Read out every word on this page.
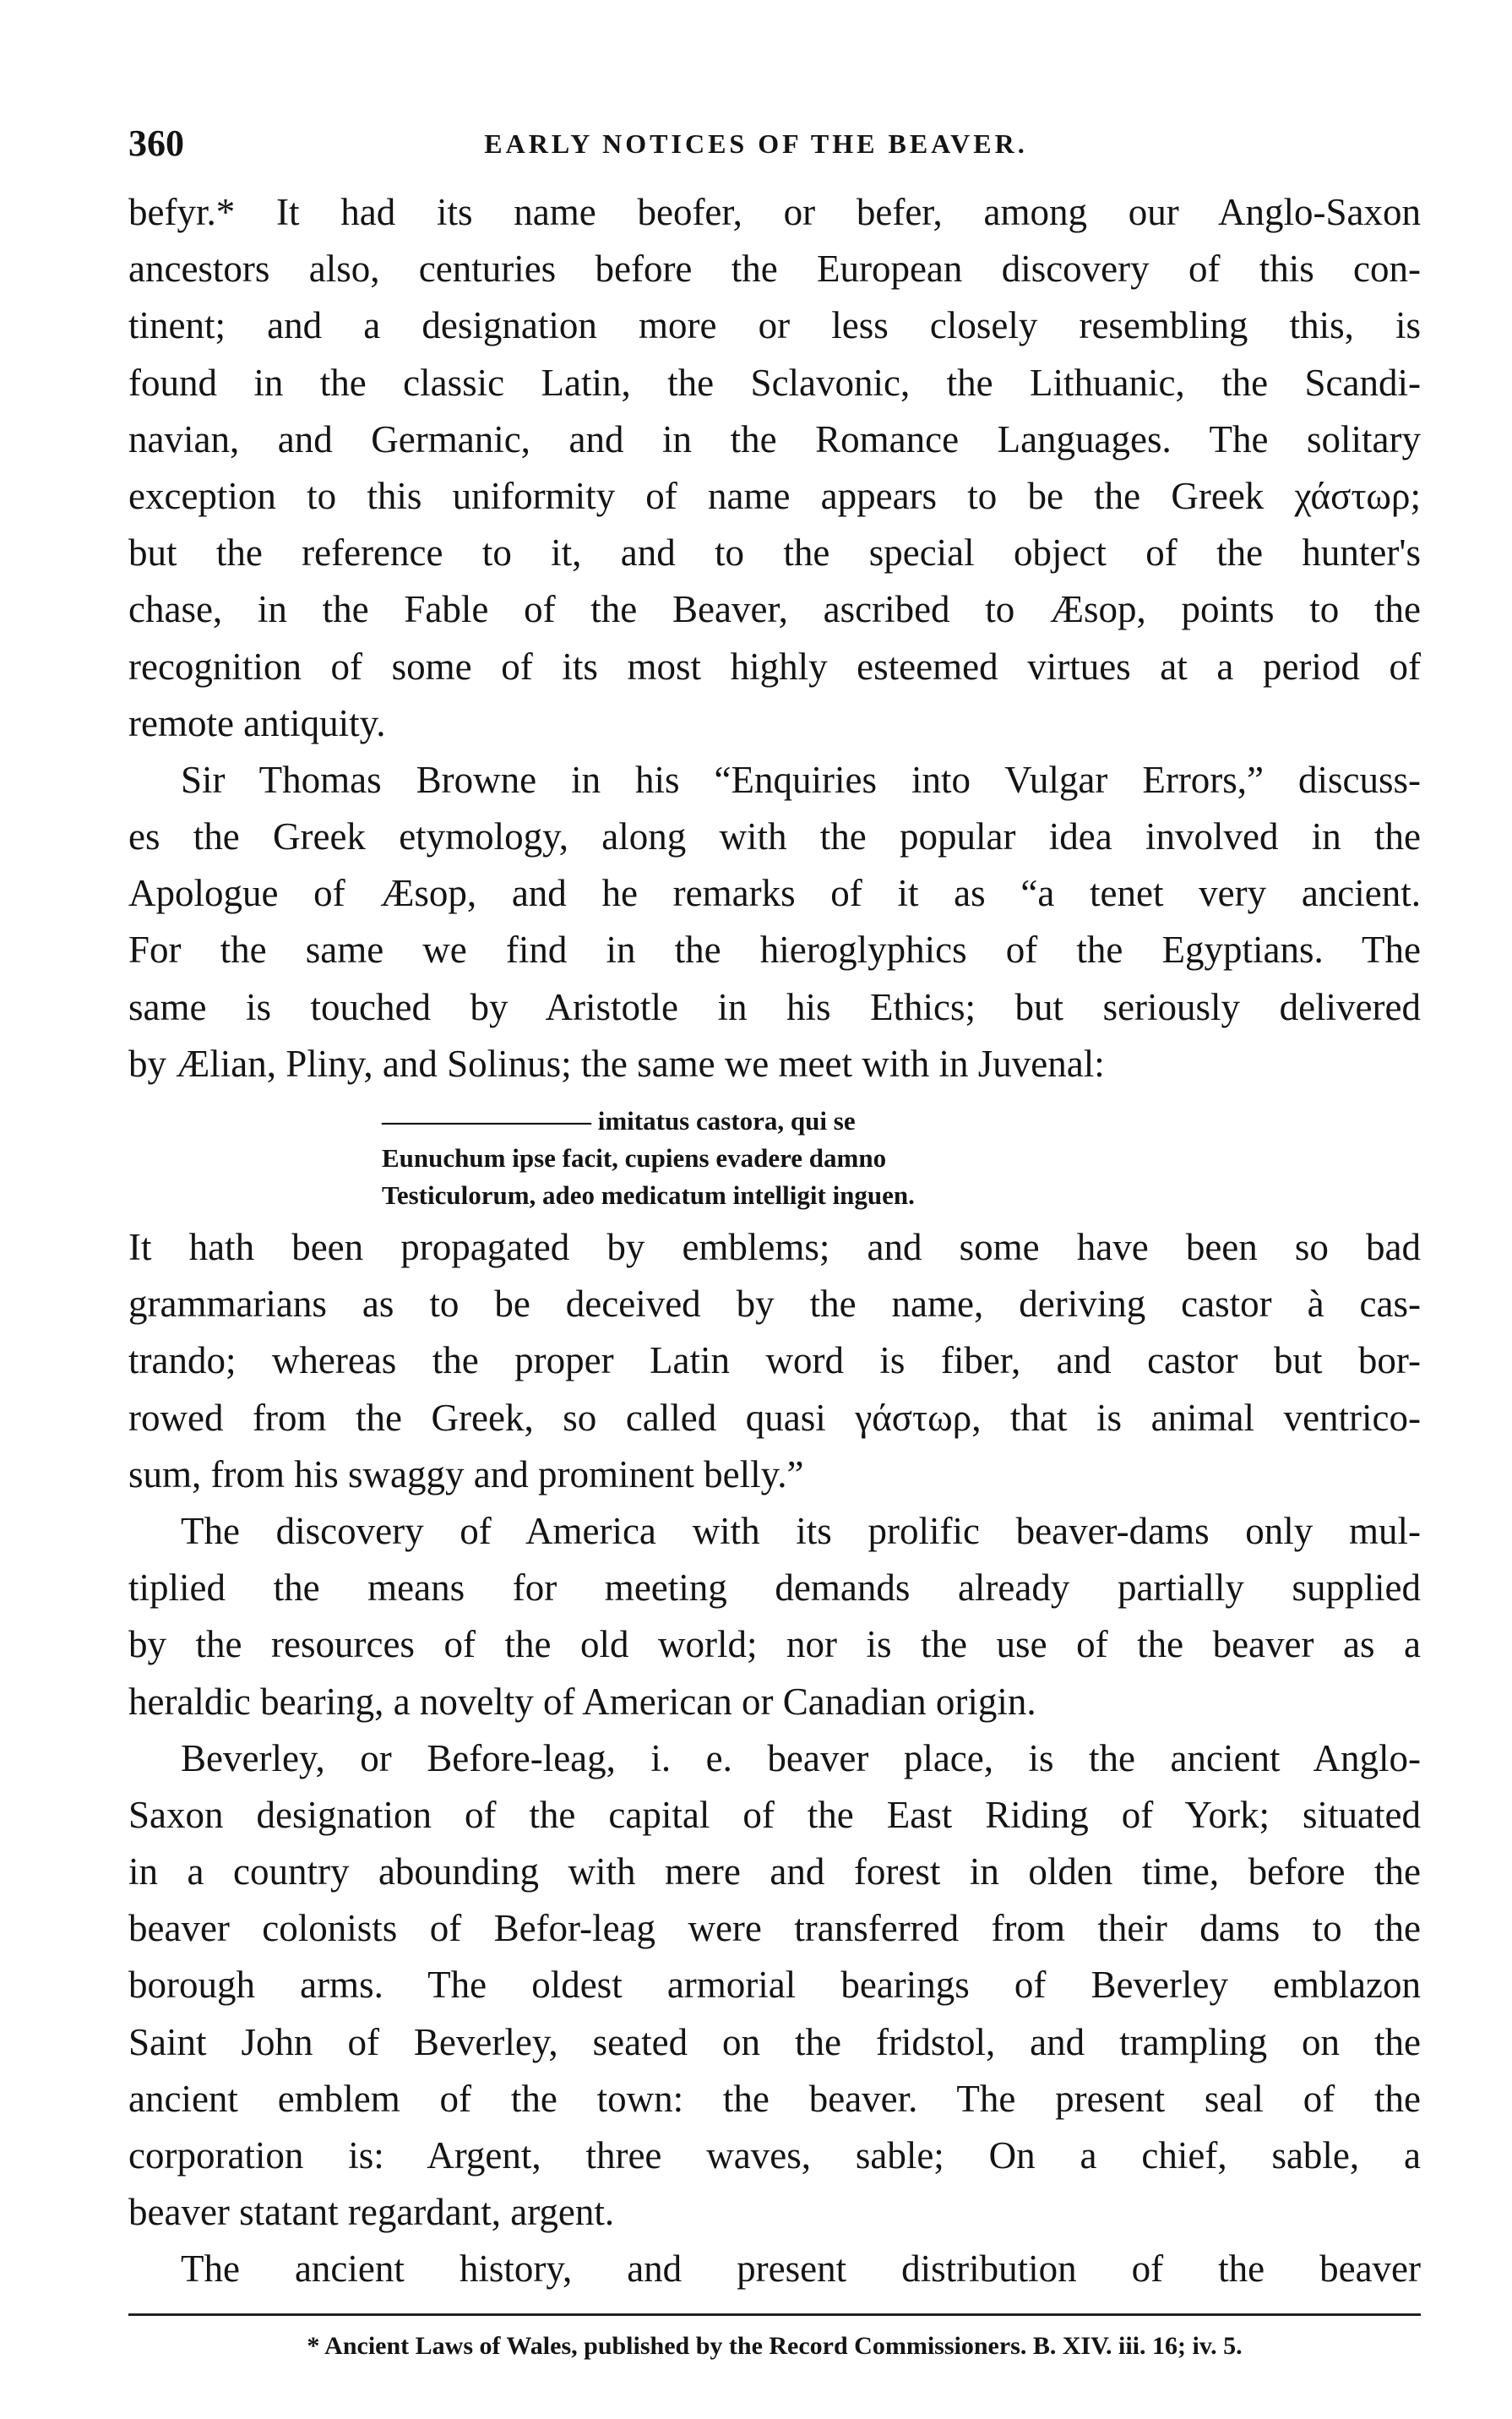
360	EARLY NOTICES OF THE BEAVER.
befyr.* It had its name beofer, or befer, among our Anglo-Saxon
ancestors also, centuries before the European discovery of this con-
tinent; and a designation more or less closely resembling this, is
found in the classic Latin, the Sclavonic, the Lithuanic, the Scandi-
navian, and Germanic, and in the Romance Languages. The solitary
exception to this uniformity of name appears to be the Greek χάστωρ;
but the reference to it, and to the special object of the hunter's
chase, in the Fable of the Beaver, ascribed to Æsop, points to the
recognition of some of its most highly esteemed virtues at a period of
remote antiquity.
Sir Thomas Browne in his “Enquiries into Vulgar Errors,” discuss-
es the Greek etymology, along with the popular idea involved in the
Apologue of Æsop, and he remarks of it as “a tenet very ancient.
For the same we find in the hieroglyphics of the Egyptians. The
same is touched by Aristotle in his Ethics; but seriously delivered
by Ælian, Pliny, and Solinus; the same we meet with in Juvenal:
———————— imitatus castora, qui se
Eunuchum ipse facit, cupiens evadere damno
Testiculorum, adeo medicatum intelligit inguen.
It hath been propagated by emblems; and some have been so bad
grammarians as to be deceived by the name, deriving castor à cas-
trando; whereas the proper Latin word is fiber, and castor but bor-
rowed from the Greek, so called quasi γάστωρ, that is animal ventrico-
sum, from his swaggy and prominent belly.”
The discovery of America with its prolific beaver-dams only mul-
tiplied the means for meeting demands already partially supplied
by the resources of the old world; nor is the use of the beaver as a
heraldic bearing, a novelty of American or Canadian origin.
Beverley, or Before-leag, i. e. beaver place, is the ancient Anglo-
Saxon designation of the capital of the East Riding of York; situated
in a country abounding with mere and forest in olden time, before the
beaver colonists of Befor-leag were transferred from their dams to the
borough arms. The oldest armorial bearings of Beverley emblazon
Saint John of Beverley, seated on the fridstol, and trampling on the
ancient emblem of the town: the beaver. The present seal of the
corporation is: Argent, three waves, sable; On a chief, sable, a
beaver statant regardant, argent.
The ancient history, and present distribution of the beaver
* Ancient Laws of Wales, published by the Record Commissioners. B. XIV. iii. 16; iv. 5.
